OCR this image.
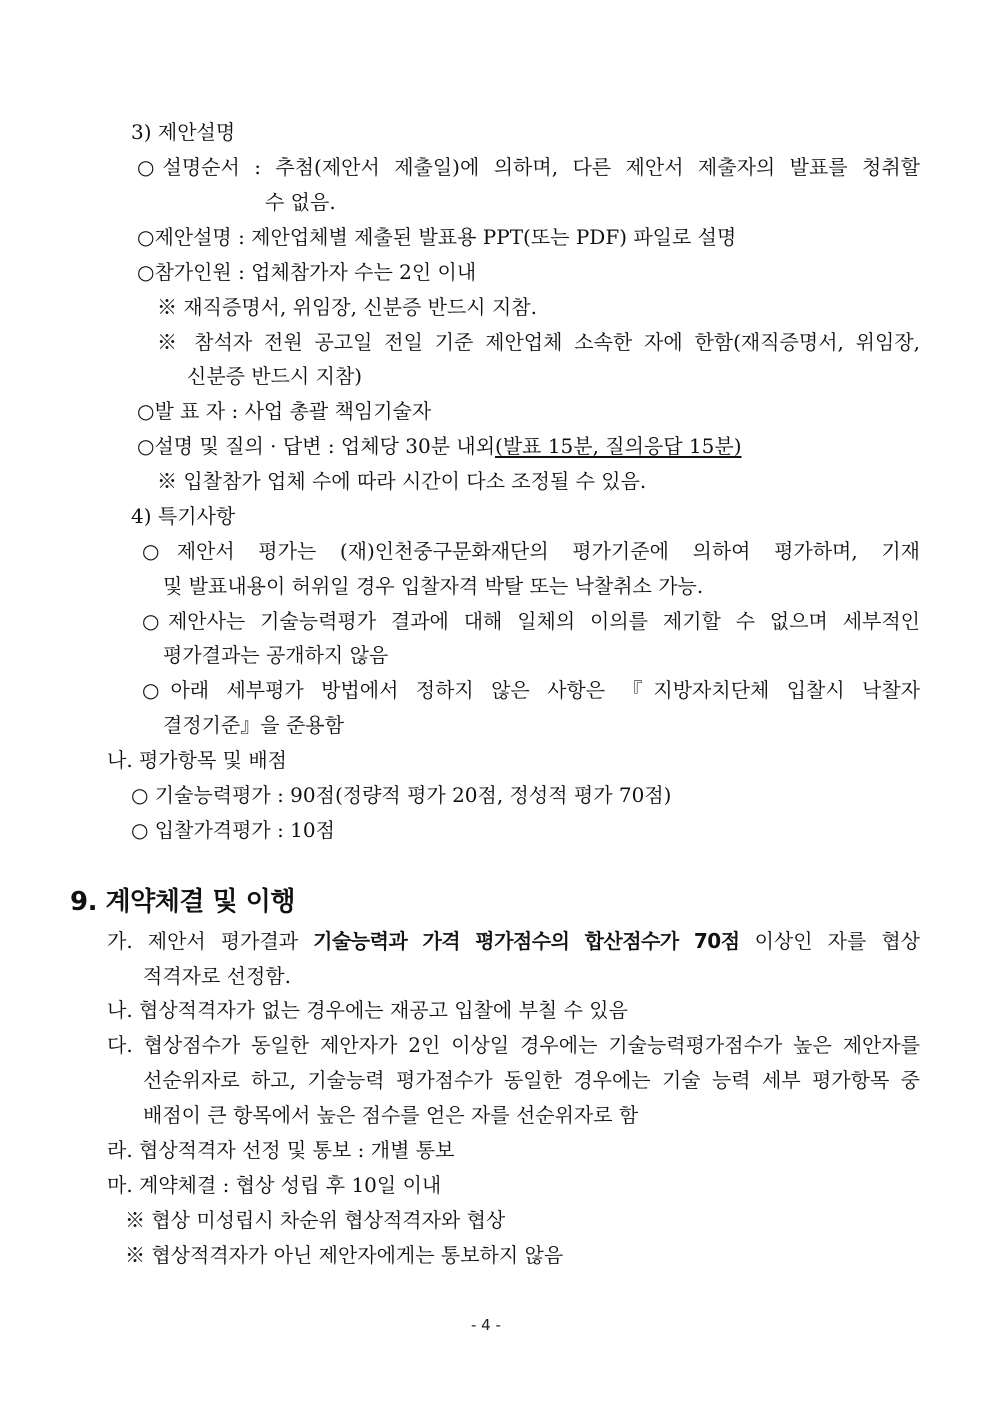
3) 제안설명
○설명순서 : 추첨(제안서 제출일)에 의하며, 다른 제안서 제출자의 발표를 청취할
수 없음.
○제안설명 : 제안업체별 제출된 발표용 PPT(또는 PDF) 파일로 설명
○참가인원 : 업체참가자 수는 2인 이내
※ 재직증명서, 위임장, 신분증 반드시 지참.
※ 참석자 전원 공고일 전일 기준 제안업체 소속한 자에 한함(재직증명서, 위임장,
신분증 반드시 지참)
○발 표 자 : 사업 총괄 책임기술자
○설명 및 질의 · 답변 : 업체당 30분 내외(발표 15분, 질의응답 15분)
※ 입찰참가 업체 수에 따라 시간이 다소 조정될 수 있음.
4) 특기사항
○제안서 평가는 (재)인천중구문화재단의 평가기준에 의하여 평가하며, 기재
및 발표내용이 허위일 경우 입찰자격 박탈 또는 낙찰취소 가능.
○제안사는 기술능력평가 결과에 대해 일체의 이의를 제기할 수 없으며 세부적인
평가결과는 공개하지 않음
○아래 세부평가 방법에서 정하지 않은 사항은 『지방자치단체 입찰시 낙찰자
결정기준』을 준용함
나. 평가항목 및 배점
○ 기술능력평가 : 90점(정량적 평가 20점, 정성적 평가 70점)
○ 입찰가격평가 : 10점
9. 계약체결 및 이행
가. 제안서 평가결과 기술능력과 가격 평가점수의 합산점수가 70점 이상인 자를 협상
적격자로 선정함.
나. 협상적격자가 없는 경우에는 재공고 입찰에 부칠 수 있음
다. 협상점수가 동일한 제안자가 2인 이상일 경우에는 기술능력평가점수가 높은 제안자를
선순위자로 하고, 기술능력 평가점수가 동일한 경우에는 기술 능력 세부 평가항목 중
배점이 큰 항목에서 높은 점수를 얻은 자를 선순위자로 함
라. 협상적격자 선정 및 통보 : 개별 통보
마. 계약체결 : 협상 성립 후 10일 이내
※ 협상 미성립시 차순위 협상적격자와 협상
※ 협상적격자가 아닌 제안자에게는 통보하지 않음
- 4 -
